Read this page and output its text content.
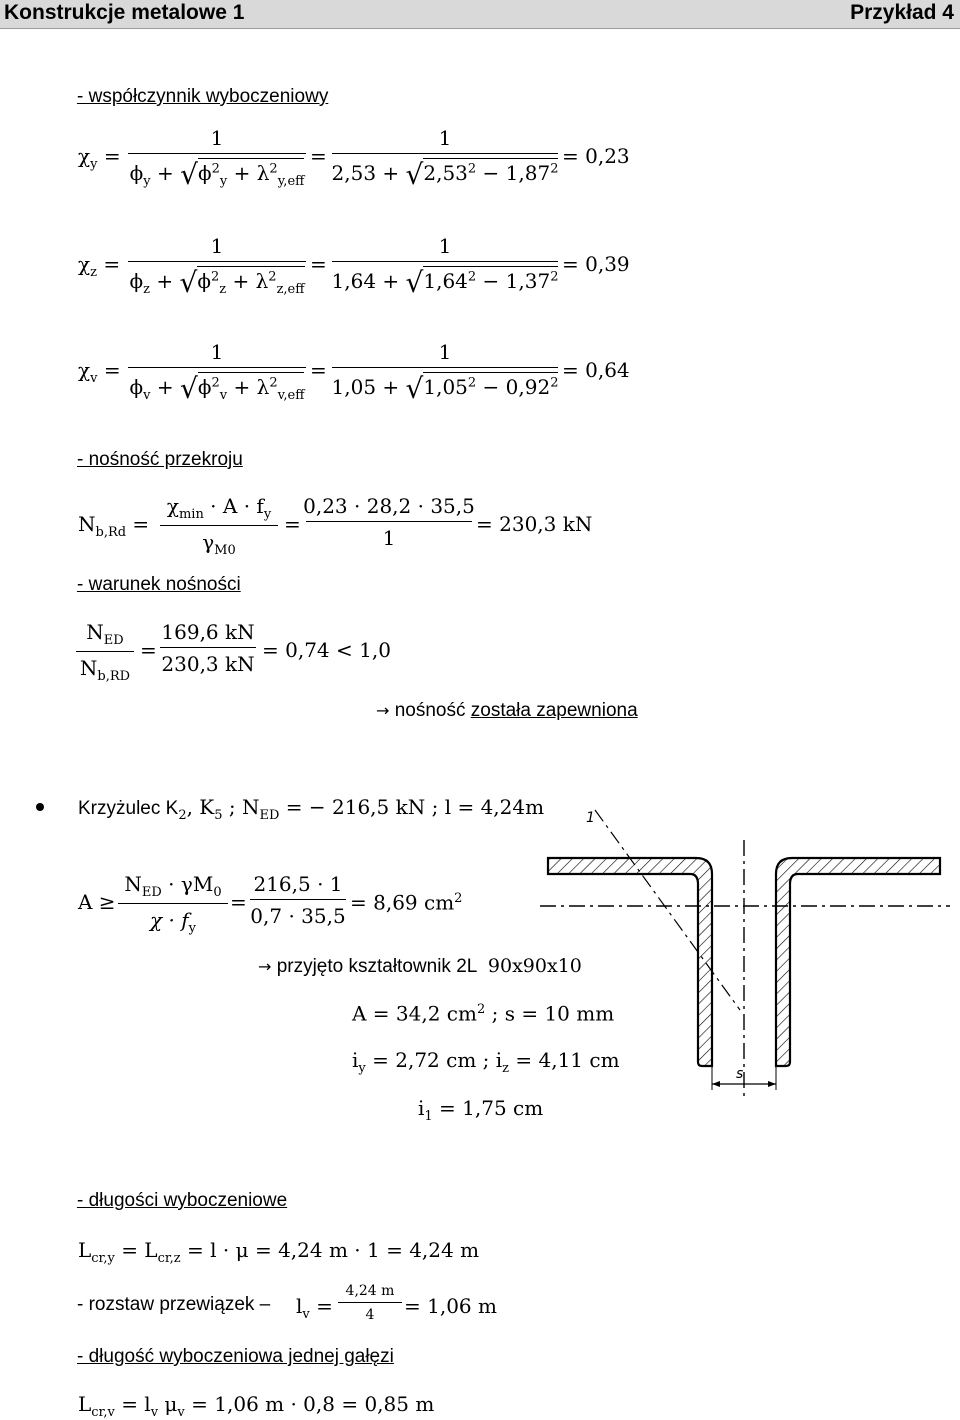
Konstrukcje metalowe 1	Przykład 4
- współczynnik wyboczeniowy
$\chi_y$ =
1
$\phi_y + √\phi^2_y + \lambda^2_{y,eff}$
=
1
$2,53 + √2,53^2 - 1,87^2$
= 0,23
$\chi_z$ =
1
$\phi_z + √\phi^2_z + \lambda^2_{z,eff}$
=
1
$1,64 + √1,64^2 - 1,37^2$
= 0,39
$\chi_v$ =
1
$\phi_v + √\phi^2_v + \lambda^2_{v,eff}$
=
1
$1,05 + √1,05^2 - 0,92^2$
= 0,64
- nośność przekroju
$N_{b,Rd}$ =
$\chi_{min} \cdot A \cdot f_y$
$\gamma_{M0}$
=
0,23 · 28,2 · 35,5
1
= 230,3 kN
- warunek nośności
$N_{ED}$
$N_{b,RD}$
=
169,6 kN
230,3 kN
= 0,74 < 1,0
→ nośność została zapewniona
Krzyżulec $K_2$, $K_5$ ; $N_{ED}$ = − 216,5 kN ; l = 4,24m
A ≥
$N_{ED} \cdot \gamma M_0$
$\chi \cdot f_y$
=
216,5 · 1
0,7 · 35,5
= 8,69 $cm^2$
→ przyjęto kształtownik 2L 90x90x10
A = 34,2 $cm^2$ ; s = 10 mm
$i_y = 2,72$ cm ; $i_z = 4,11$ cm
$i_1 = 1,75$ cm
1
s
- długości wyboczeniowe
$L_{cr,y} = L_{cr,z} = l \cdot \mu = 4,24$ m · 1 = 4,24 m
- rozstaw przewiązek – $l_v$ =
4,24 m
4 = 1,06 m
- długość wyboczeniowa jednej gałęzi
$L_{cr,v} = l_v$ $\mu_v = 1,06$ m · 0,8 = 0,85 m
